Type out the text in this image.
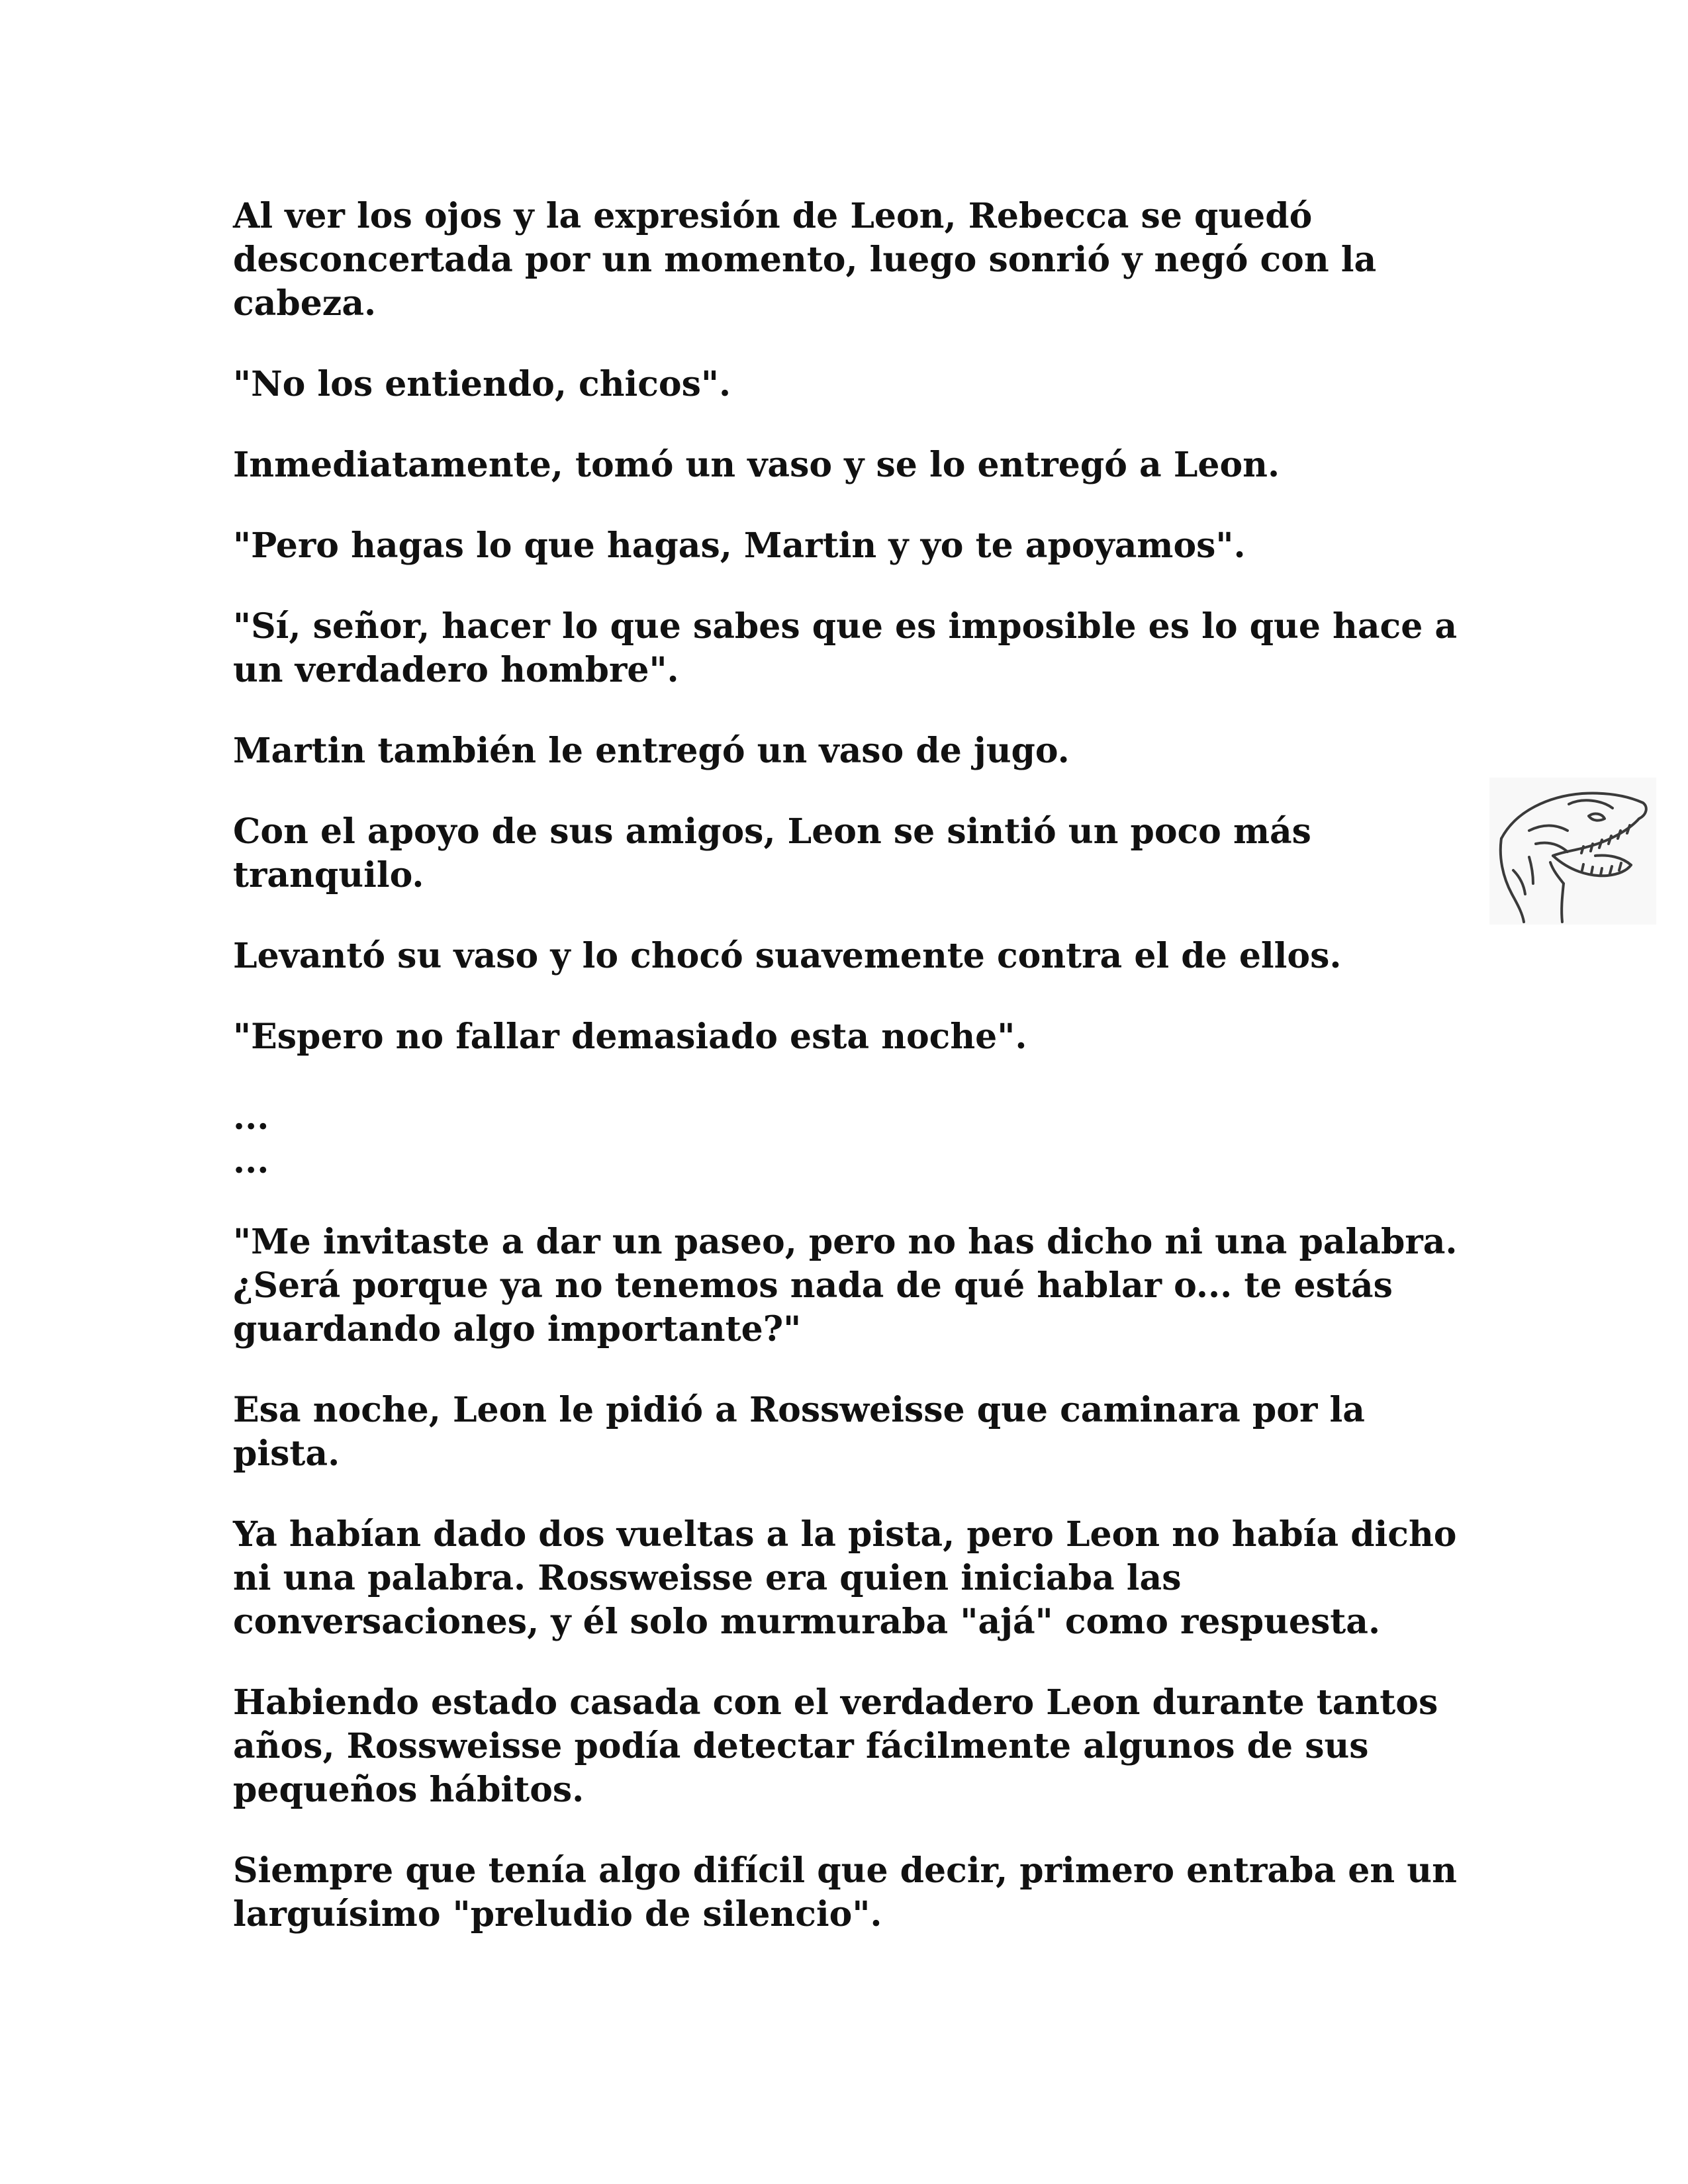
Al ver los ojos y la expresión de Leon, Rebecca se quedó desconcertada por un momento, luego sonrió y negó con la cabeza.

"No los entiendo, chicos".

Inmediatamente, tomó un vaso y se lo entregó a Leon.

"Pero hagas lo que hagas, Martin y yo te apoyamos".

"Sí, señor, hacer lo que sabes que es imposible es lo que hace a un verdadero hombre".

Martin también le entregó un vaso de jugo.

Con el apoyo de sus amigos, Leon se sintió un poco más tranquilo.

Levantó su vaso y lo chocó suavemente contra el de ellos.

"Espero no fallar demasiado esta noche".

...

...

"Me invitaste a dar un paseo, pero no has dicho ni una palabra. ¿Será porque ya no tenemos nada de qué hablar o... te estás guardando algo importante?"

Esa noche, Leon le pidió a Rossweisse que caminara por la pista.

Ya habían dado dos vueltas a la pista, pero Leon no había dicho ni una palabra. Rossweisse era quien iniciaba las conversaciones, y él solo murmuraba "ajá" como respuesta.

Habiendo estado casada con el verdadero Leon durante tantos años, Rossweisse podía detectar fácilmente algunos de sus pequeños hábitos.

Siempre que tenía algo difícil que decir, primero entraba en un larguísimo "preludio de silencio".
